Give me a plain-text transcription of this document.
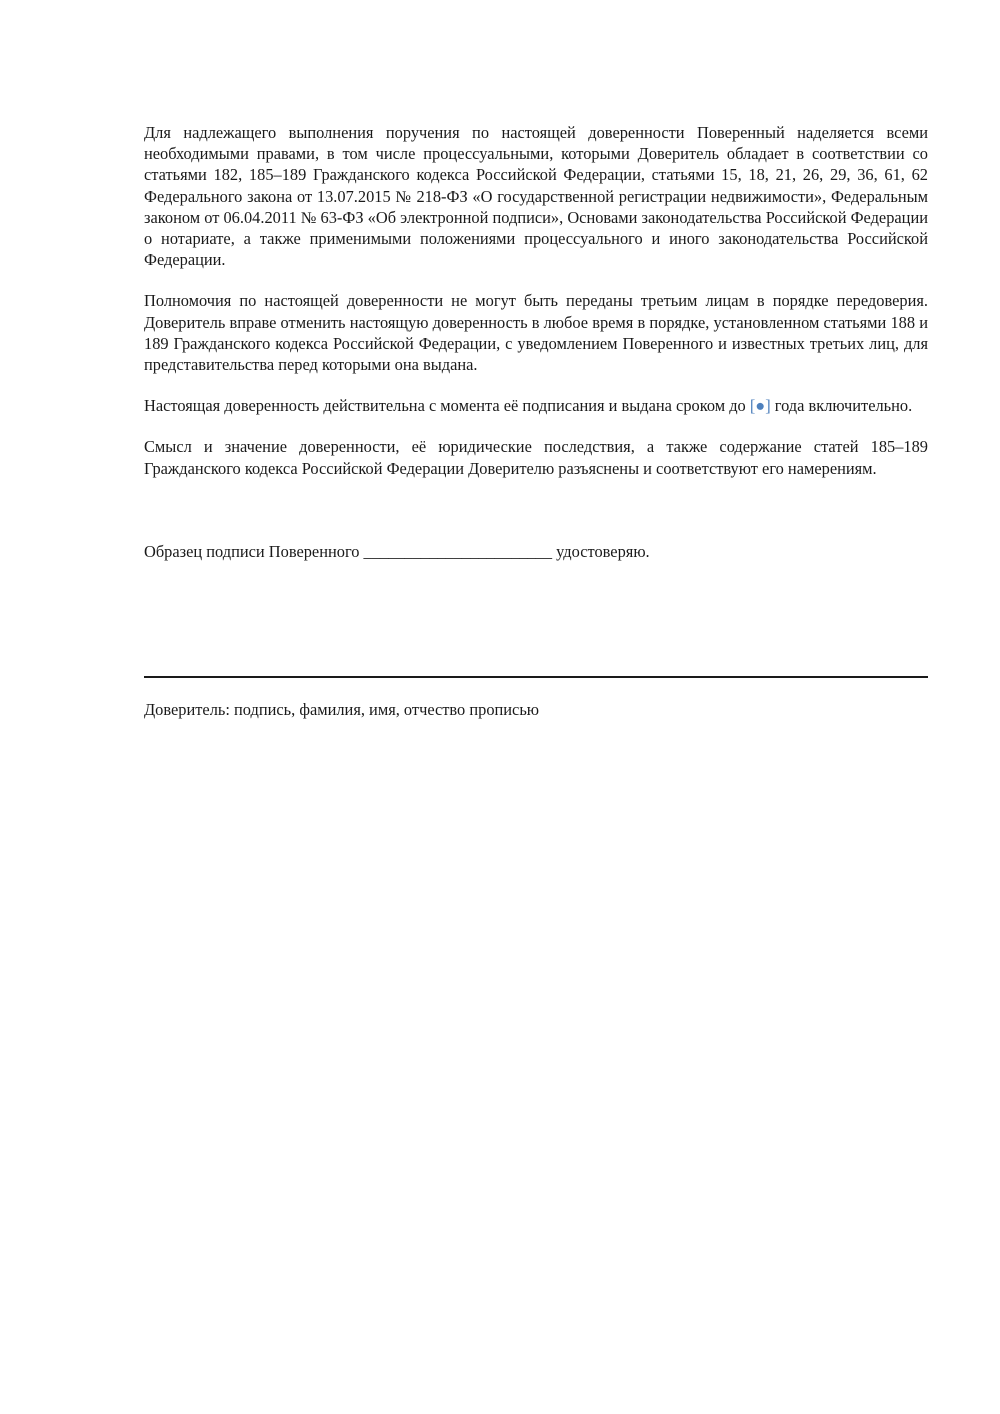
Для надлежащего выполнения поручения по настоящей доверенности Поверенный наделяется всеми необходимыми правами, в том числе процессуальными, которыми Доверитель обладает в соответствии со статьями 182, 185–189 Гражданского кодекса Российской Федерации, статьями 15, 18, 21, 26, 29, 36, 61, 62 Федерального закона от 13.07.2015 № 218-ФЗ «О государственной регистрации недвижимости», Федеральным законом от 06.04.2011 № 63-ФЗ «Об электронной подписи», Основами законодательства Российской Федерации о нотариате, а также применимыми положениями процессуального и иного законодательства Российской Федерации.

Полномочия по настоящей доверенности не могут быть переданы третьим лицам в порядке передоверия. Доверитель вправе отменить настоящую доверенность в любое время в порядке, установленном статьями 188 и 189 Гражданского кодекса Российской Федерации, с уведомлением Поверенного и известных третьих лиц, для представительства перед которыми она выдана.

Настоящая доверенность действительна с момента её подписания и выдана сроком до [●] года включительно.

Смысл и значение доверенности, её юридические последствия, а также содержание статей 185–189 Гражданского кодекса Российской Федерации Доверителю разъяснены и соответствуют его намерениям.

Образец подписи Поверенного _______________________ удостоверяю.
Доверитель: подпись, фамилия, имя, отчество прописью
